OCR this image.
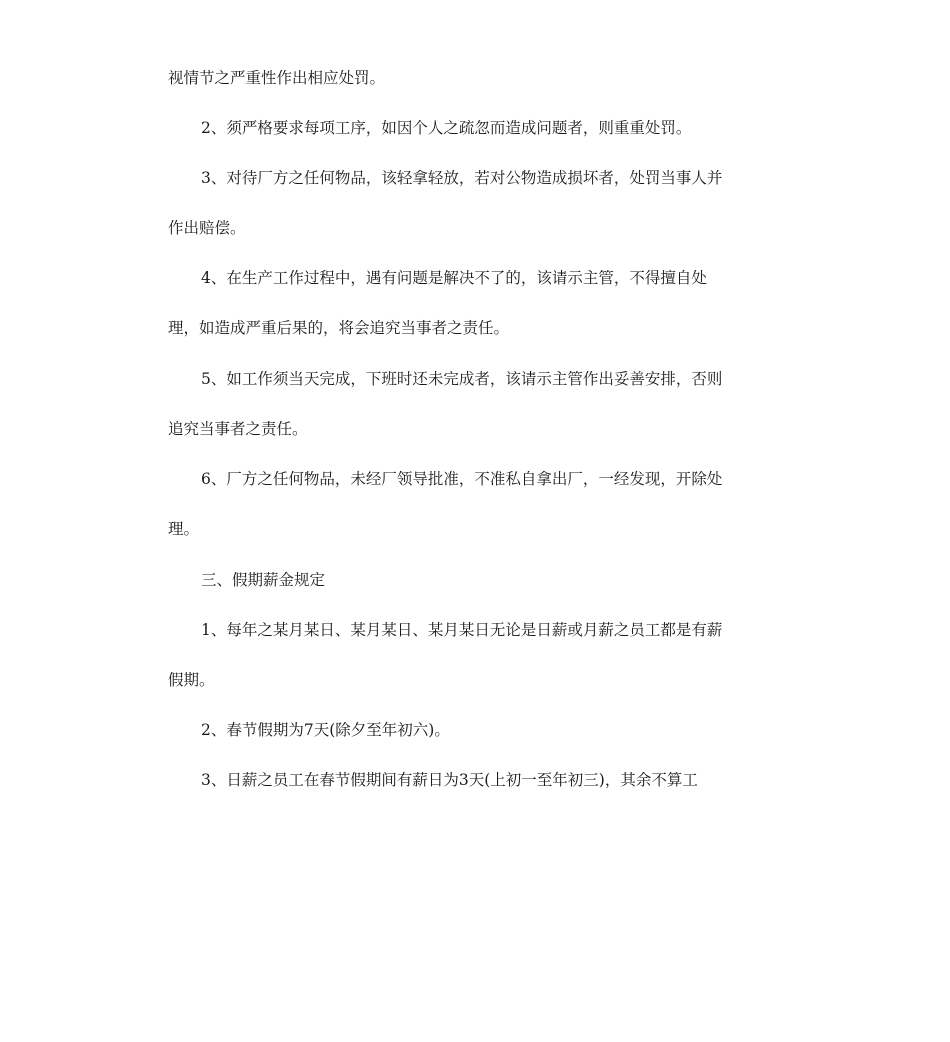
视情节之严重性作出相应处罚。
2、须严格要求每项工序，如因个人之疏忽而造成问题者，则重重处罚。
3、对待厂方之任何物品，该轻拿轻放，若对公物造成损坏者，处罚当事人并
作出赔偿。
4、在生产工作过程中，遇有问题是解决不了的，该请示主管，不得擅自处
理，如造成严重后果的，将会追究当事者之责任。
5、如工作须当天完成，下班时还未完成者，该请示主管作出妥善安排，否则
追究当事者之责任。
6、厂方之任何物品，未经厂领导批准，不准私自拿出厂，一经发现，开除处
理。
三、假期薪金规定
1、每年之某月某日、某月某日、某月某日无论是日薪或月薪之员工都是有薪
假期。
2、春节假期为7天(除夕至年初六)。
3、日薪之员工在春节假期间有薪日为3天(上初一至年初三)，其余不算工
